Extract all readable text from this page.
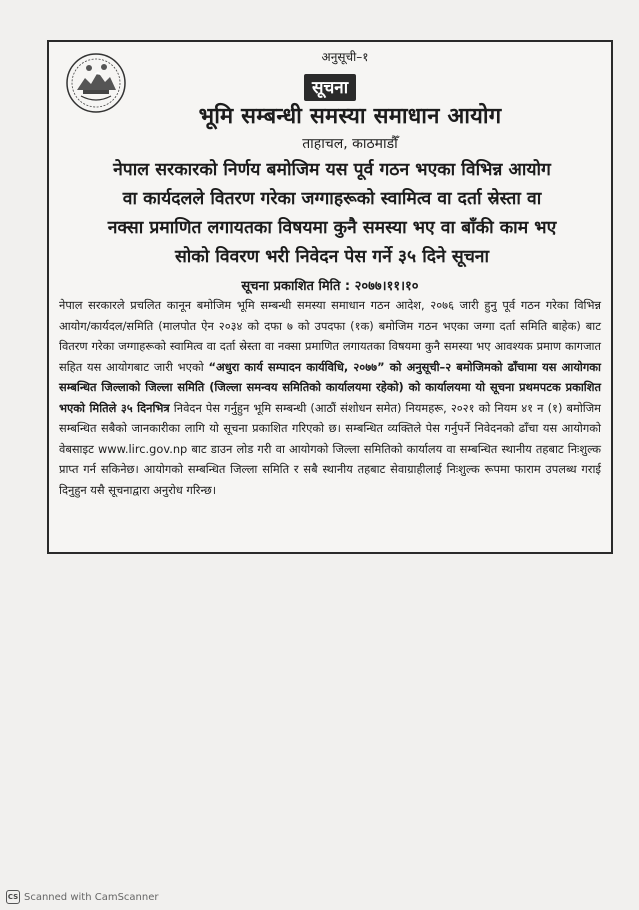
अनुसूची–१
सूचना
भूमि सम्बन्धी समस्या समाधान आयोग
ताहाचल, काठमाडौँ
नेपाल सरकारको निर्णय बमोजिम यस पूर्व गठन भएका विभिन्न आयोग
वा कार्यदलले वितरण गरेका जग्गाहरूको स्वामित्व वा दर्ता स्रेस्ता वा
नक्सा प्रमाणित लगायतका विषयमा कुनै समस्या भए वा बाँकी काम भए
सोको विवरण भरी निवेदन पेस गर्ने ३५ दिने सूचना
सूचना प्रकाशित मिति : २०७७।११।१०
नेपाल सरकारले प्रचलित कानून बमोजिम भूमि सम्बन्धी समस्या समाधान गठन आदेश, २०७६ जारी हुनु पूर्व गठन गरेका विभिन्न आयोग/कार्यदल/समिति (मालपोत ऐन २०३४ को दफा ७ को उपदफा (१क) बमोजिम गठन भएका जग्गा दर्ता समिति बाहेक) बाट वितरण गरेका जग्गाहरूको स्वामित्व वा दर्ता स्रेस्ता वा नक्सा प्रमाणित लगायतका विषयमा कुनै समस्या भए आवश्यक प्रमाण कागजात सहित यस आयोगबाट जारी भएको “अधुरा कार्य सम्पादन कार्यविधि, २०७७” को अनुसूची–२ बमोजिमको ढाँचामा यस आयोगका सम्बन्धित जिल्लाको जिल्ला समिति (जिल्ला समन्वय समितिको कार्यालयमा रहेको) को कार्यालयमा यो सूचना प्रथमपटक प्रकाशित भएको मितिले ३५ दिनभित्र निवेदन पेस गर्नुहुन भूमि सम्बन्धी (आठौं संशोधन समेत) नियमहरू, २०२१ को नियम ४१ न (१) बमोजिम सम्बन्धित सबैको जानकारीका लागि यो सूचना प्रकाशित गरिएको छ। सम्बन्धित व्यक्तिले पेस गर्नुपर्ने निवेदनको ढाँचा यस आयोगको वेबसाइट www.lirc.gov.np बाट डाउन लोड गरी वा आयोगको जिल्ला समितिको कार्यालय वा सम्बन्धित स्थानीय तहबाट निःशुल्क प्राप्त गर्न सकिनेछ। आयोगको सम्बन्धित जिल्ला समिति र सबै स्थानीय तहबाट सेवाग्राहीलाई निःशुल्क रूपमा फाराम उपलब्ध गराई दिनुहुन यसै सूचनाद्वारा अनुरोध गरिन्छ।
CS Scanned with CamScanner
